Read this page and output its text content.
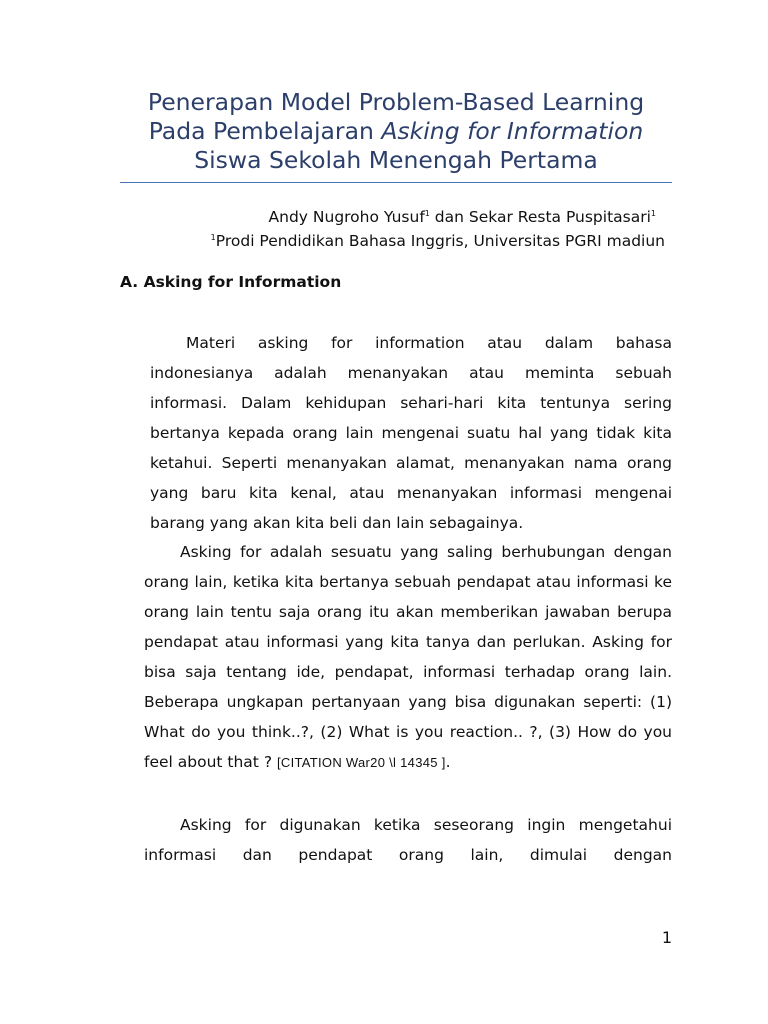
Penerapan Model Problem-Based Learning
Pada Pembelajaran Asking for Information
Siswa Sekolah Menengah Pertama
Andy Nugroho Yusuf$^1$ dan Sekar Resta Puspitasari$^1$
$^1$Prodi Pendidikan Bahasa Inggris, Universitas PGRI madiun
A. Asking for Information
Materi asking for information atau dalam bahasa indonesianya adalah menanyakan atau meminta sebuah informasi. Dalam kehidupan sehari-hari kita tentunya sering bertanya kepada orang lain mengenai suatu hal yang tidak kita ketahui. Seperti menanyakan alamat, menanyakan nama orang yang baru kita kenal, atau menanyakan informasi mengenai barang yang akan kita beli dan lain sebagainya.
Asking for adalah sesuatu yang saling berhubungan dengan orang lain, ketika kita bertanya sebuah pendapat atau informasi ke orang lain tentu saja orang itu akan memberikan jawaban berupa pendapat atau informasi yang kita tanya dan perlukan. Asking for bisa saja tentang ide, pendapat, informasi terhadap orang lain. Beberapa ungkapan pertanyaan yang bisa digunakan seperti: (1) What do you think..?, (2) What is you reaction.. ?, (3) How do you feel about that ? [CITATION War20 \l 14345 ].
Asking for digunakan ketika seseorang ingin mengetahui informasi dan pendapat orang lain, dimulai dengan
1
